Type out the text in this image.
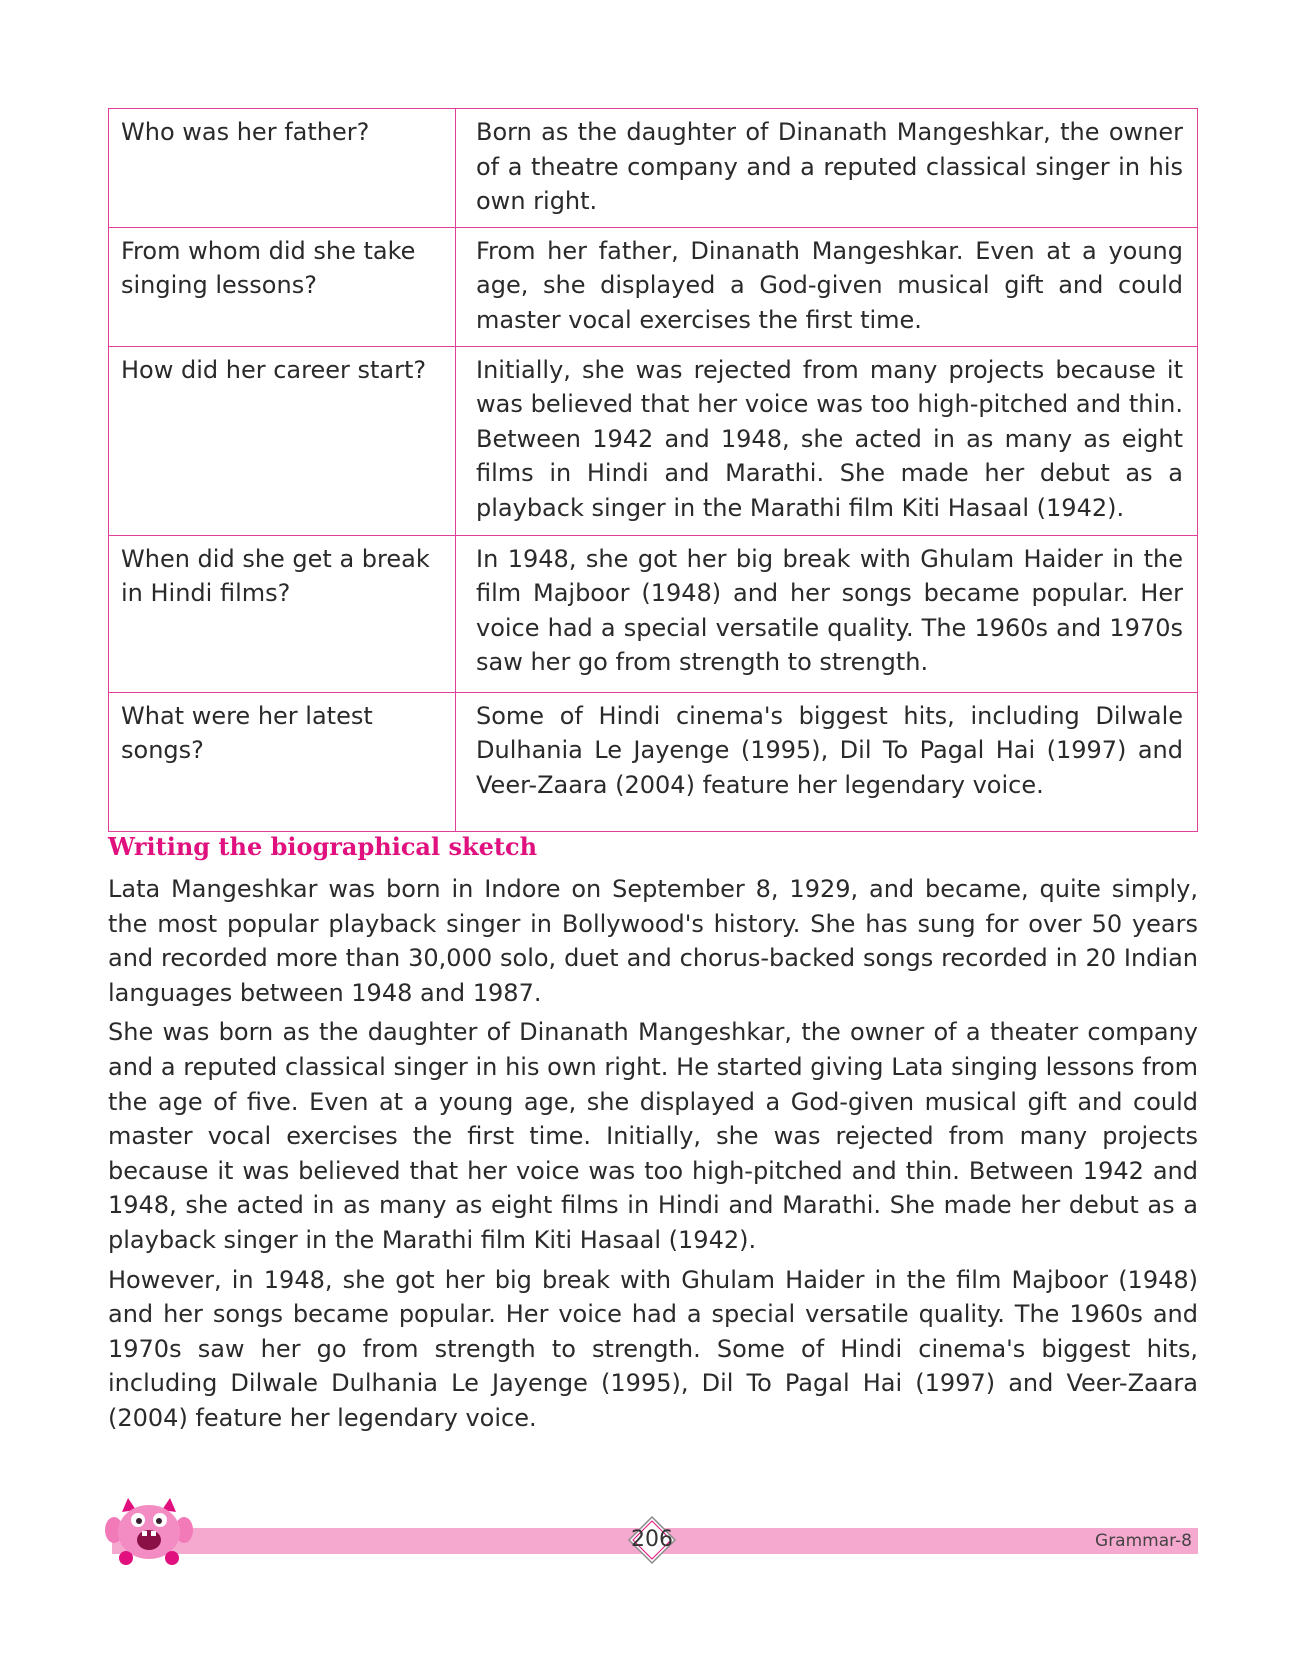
Who was her father?	Born as the daughter of Dinanath Mangeshkar, the owner of a theatre company and a reputed classical singer in his own right.
From whom did she take singing lessons?	From her father, Dinanath Mangeshkar. Even at a young age, she displayed a God-given musical gift and could master vocal exercises the first time.
How did her career start?	Initially, she was rejected from many projects because it was believed that her voice was too high-pitched and thin. Between 1942 and 1948, she acted in as many as eight films in Hindi and Marathi. She made her debut as a playback singer in the Marathi film Kiti Hasaal (1942).
When did she get a break in Hindi films?	In 1948, she got her big break with Ghulam Haider in the film Majboor (1948) and her songs became popular. Her voice had a special versatile quality. The 1960s and 1970s saw her go from strength to strength.
What were her latest songs?	Some of Hindi cinema's biggest hits, including Dilwale Dulhania Le Jayenge (1995), Dil To Pagal Hai (1997) and Veer-Zaara (2004) feature her legendary voice.
Writing the biographical sketch

Lata Mangeshkar was born in Indore on September 8, 1929, and became, quite simply, the most popular playback singer in Bollywood's history. She has sung for over 50 years and recorded more than 30,000 solo, duet and chorus-backed songs recorded in 20 Indian languages between 1948 and 1987.

She was born as the daughter of Dinanath Mangeshkar, the owner of a theater company and a reputed classical singer in his own right. He started giving Lata singing lessons from the age of five. Even at a young age, she displayed a God-given musical gift and could master vocal exercises the first time. Initially, she was rejected from many projects because it was believed that her voice was too high-pitched and thin. Between 1942 and 1948, she acted in as many as eight films in Hindi and Marathi. She made her debut as a playback singer in the Marathi film Kiti Hasaal (1942).

However, in 1948, she got her big break with Ghulam Haider in the film Majboor (1948) and her songs became popular. Her voice had a special versatile quality. The 1960s and 1970s saw her go from strength to strength. Some of Hindi cinema's biggest hits, including Dilwale Dulhania Le Jayenge (1995), Dil To Pagal Hai (1997) and Veer-Zaara (2004) feature her legendary voice.

206	Grammar-8
